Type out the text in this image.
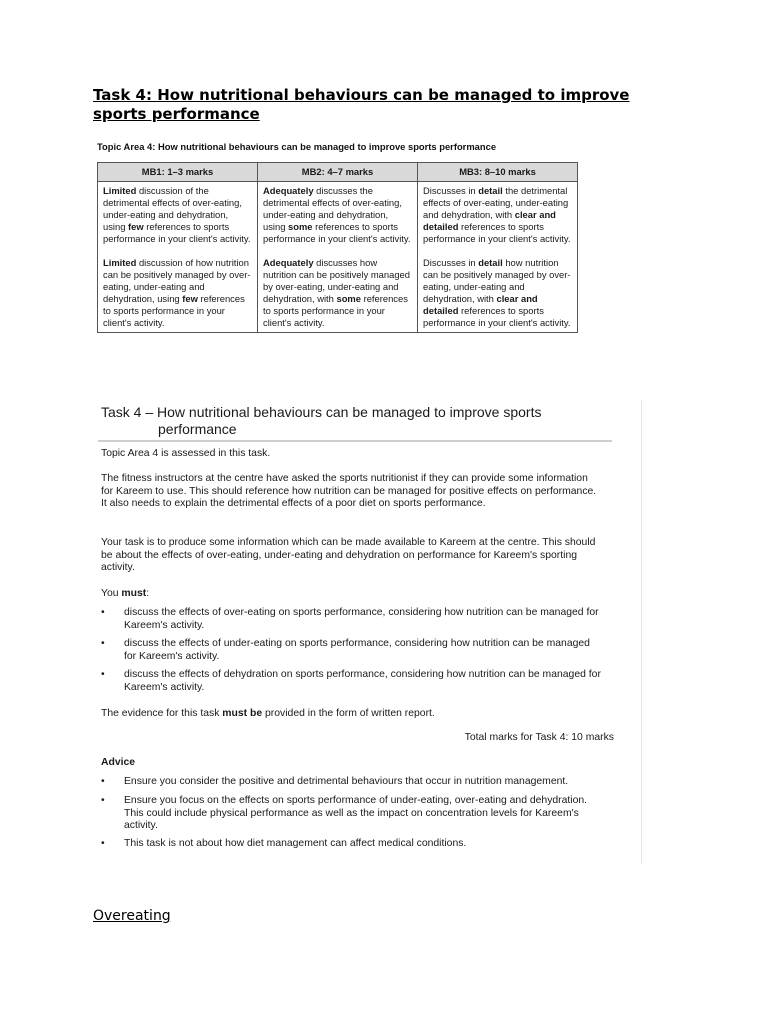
Task 4: How nutritional behaviours can be managed to improve sports performance
Topic Area 4: How nutritional behaviours can be managed to improve sports performance
MB1: 1–3 marks	MB2: 4–7 marks	MB3: 8–10 marks
Limited discussion of the detrimental effects of over-eating, under-eating and dehydration, using few references to sports performance in your client's activity.	Adequately discusses the detrimental effects of over-eating, under-eating and dehydration, using some references to sports performance in your client's activity.	Discusses in detail the detrimental effects of over-eating, under-eating and dehydration, with clear and detailed references to sports performance in your client's activity.
Limited discussion of how nutrition can be positively managed by over-eating, under-eating and dehydration, using few references to sports performance in your client's activity.	Adequately discusses how nutrition can be positively managed by over-eating, under-eating and dehydration, with some references to sports performance in your client's activity.	Discusses in detail how nutrition can be positively managed by over-eating, under-eating and dehydration, with clear and detailed references to sports performance in your client's activity.
Task 4 – How nutritional behaviours can be managed to improve sports
performance
Topic Area 4 is assessed in this task.
The fitness instructors at the centre have asked the sports nutritionist if they can provide some information for Kareem to use. This should reference how nutrition can be managed for positive effects on performance. It also needs to explain the detrimental effects of a poor diet on sports performance.
Your task is to produce some information which can be made available to Kareem at the centre. This should be about the effects of over-eating, under-eating and dehydration on performance for Kareem's sporting activity.
You must:
• discuss the effects of over-eating on sports performance, considering how nutrition can be managed for Kareem's activity.
• discuss the effects of under-eating on sports performance, considering how nutrition can be managed for Kareem's activity.
• discuss the effects of dehydration on sports performance, considering how nutrition can be managed for Kareem's activity.
The evidence for this task must be provided in the form of written report.
Total marks for Task 4: 10 marks
Advice
• Ensure you consider the positive and detrimental behaviours that occur in nutrition management.
• Ensure you focus on the effects on sports performance of under-eating, over-eating and dehydration. This could include physical performance as well as the impact on concentration levels for Kareem's activity.
• This task is not about how diet management can affect medical conditions.
Overeating
